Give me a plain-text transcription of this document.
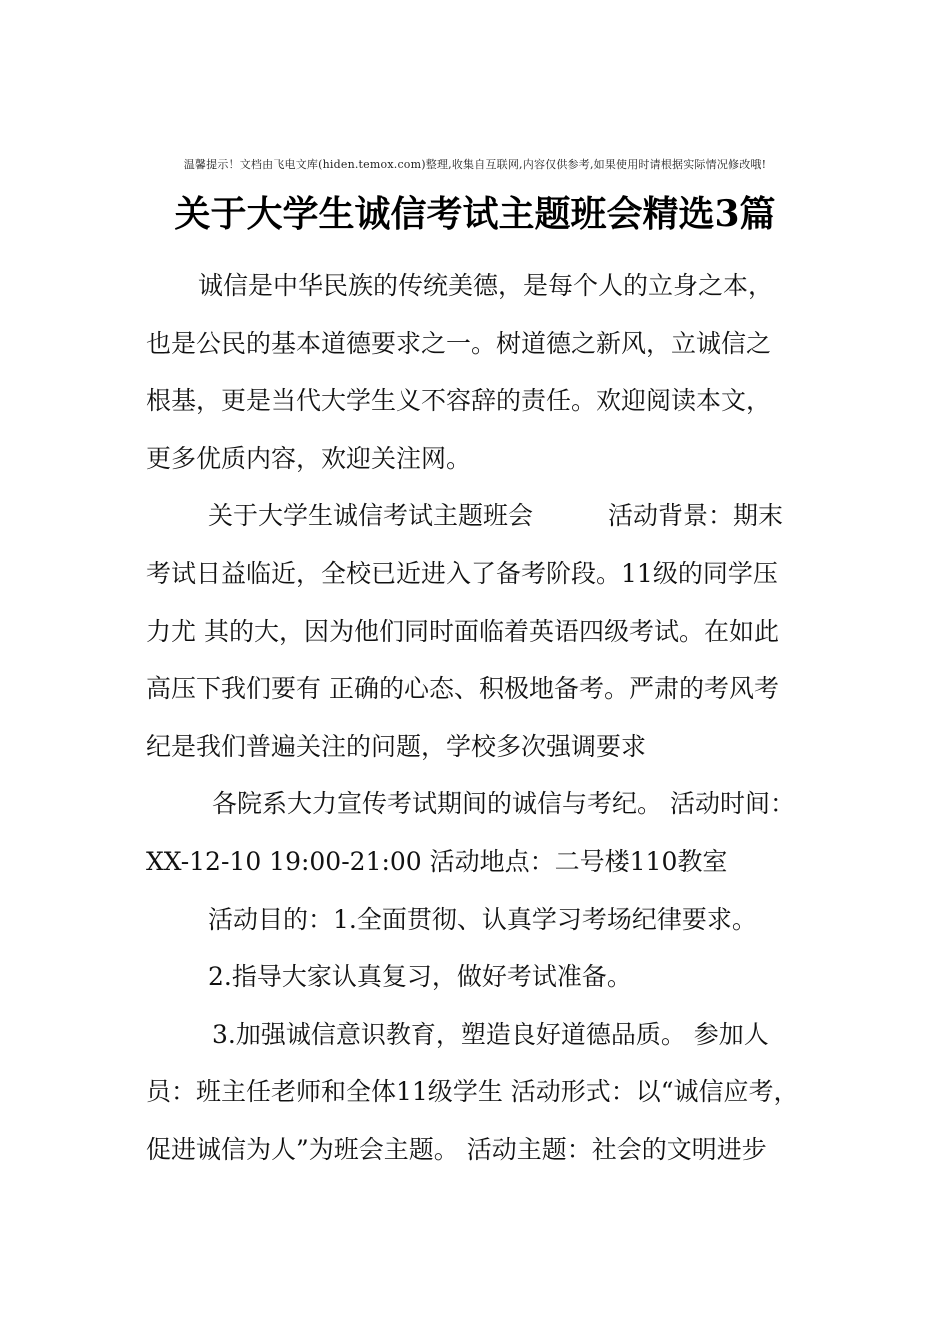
温馨提示！文档由飞电文库(hiden.temox.com)整理,收集自互联网,内容仅供参考,如果使用时请根据实际情况修改哦!
关于大学生诚信考试主题班会精选3篇
诚信是中华民族的传统美德，是每个人的立身之本，
也是公民的基本道德要求之一。树道德之新风，立诚信之
根基，更是当代大学生义不容辞的责任。欢迎阅读本文，
更多优质内容，欢迎关注网。
关于大学生诚信考试主题班会　　　活动背景：期末
考试日益临近，全校已近进入了备考阶段。11级的同学压
力尤 其的大，因为他们同时面临着英语四级考试。在如此
高压下我们要有 正确的心态、积极地备考。严肃的考风考
纪是我们普遍关注的问题，学校多次强调要求
各院系大力宣传考试期间的诚信与考纪。 活动时间：
XX-12-10 19:00-21:00 活动地点：二号楼110教室
活动目的：1.全面贯彻、认真学习考场纪律要求。
2.指导大家认真复习，做好考试准备。
3.加强诚信意识教育，塑造良好道德品质。 参加人
员：班主任老师和全体11级学生 活动形式：以“诚信应考，
促进诚信为人”为班会主题。 活动主题：社会的文明进步
